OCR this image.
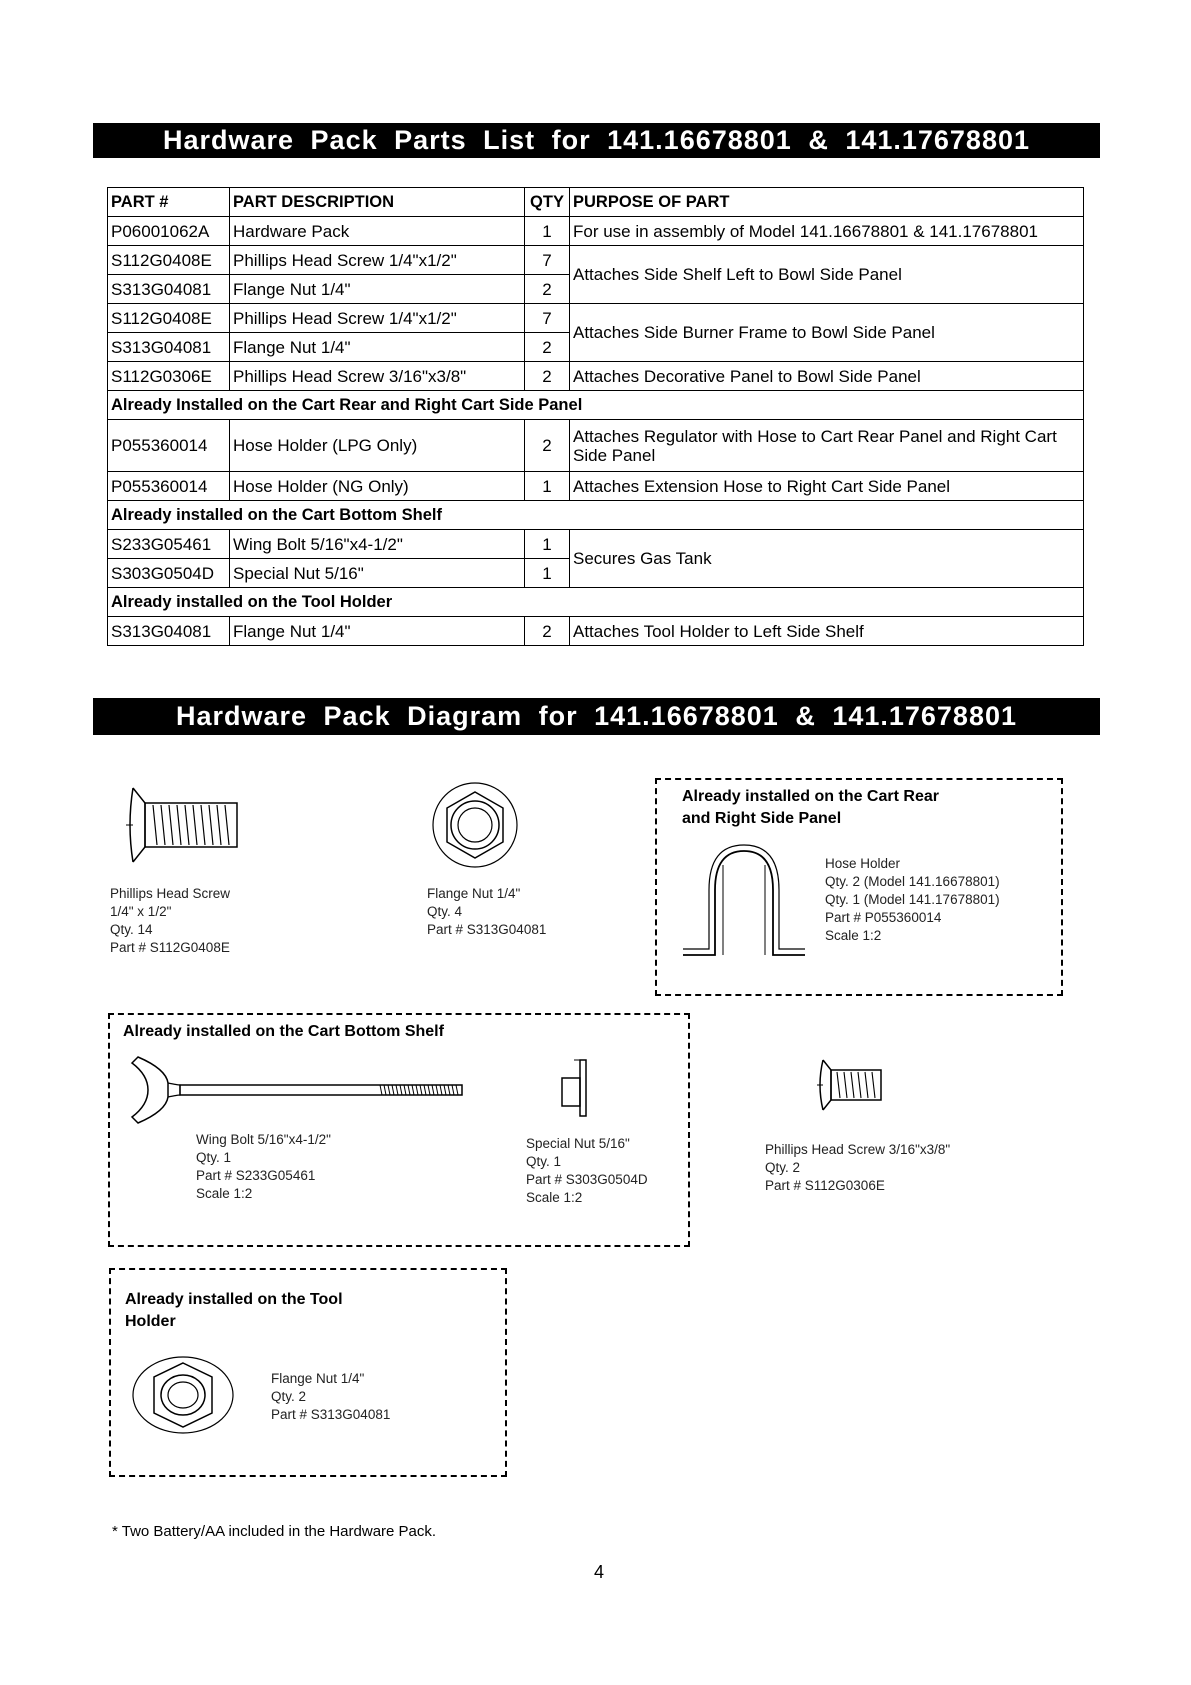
Hardware Pack Parts List for 141.16678801 & 141.17678801
PART #	PART DESCRIPTION	QTY	PURPOSE OF PART
P06001062A	Hardware Pack	1	For use in assembly of Model 141.16678801 & 141.17678801
S112G0408E	Phillips Head Screw 1/4"x1/2"	7	Attaches Side Shelf Left to Bowl Side Panel
S313G04081	Flange Nut 1/4"	2	
S112G0408E	Phillips Head Screw 1/4"x1/2"	7	Attaches Side Burner Frame to Bowl Side Panel
S313G04081	Flange Nut 1/4"	2	
S112G0306E	Phillips Head Screw 3/16"x3/8"	2	Attaches Decorative Panel to Bowl Side Panel
Already Installed on the Cart Rear and Right Cart Side Panel			
P055360014	Hose Holder (LPG Only)	2	Attaches Regulator with Hose to Cart Rear Panel and Right Cart Side Panel
P055360014	Hose Holder (NG Only)	1	Attaches Extension Hose to Right Cart Side Panel
Already installed on the Cart Bottom Shelf			
S233G05461	Wing Bolt 5/16"x4-1/2"	1	Secures Gas Tank
S303G0504D	Special Nut 5/16"	1	
Already installed on the Tool Holder			
S313G04081	Flange Nut 1/4"	2	Attaches Tool Holder to Left Side Shelf
Hardware Pack Diagram for 141.16678801 & 141.17678801
Phillips Head Screw
1/4" x 1/2"
Qty. 14
Part # S112G0408E
Flange Nut 1/4"
Qty. 4
Part # S313G04081
Already installed on the Cart Rear
and Right Side Panel
Hose Holder
Qty. 2 (Model 141.16678801)
Qty. 1 (Model 141.17678801)
Part # P055360014
Scale 1:2
Already installed on the Cart Bottom Shelf
Wing Bolt 5/16"x4-1/2"
Qty. 1
Part # S233G05461
Scale 1:2
Special Nut 5/16"
Qty. 1
Part # S303G0504D
Scale 1:2
Phillips Head Screw 3/16"x3/8"
Qty. 2
Part # S112G0306E
Already installed on the Tool
Holder
Flange Nut 1/4"
Qty. 2
Part # S313G04081
* Two Battery/AA included in the Hardware Pack.
4
